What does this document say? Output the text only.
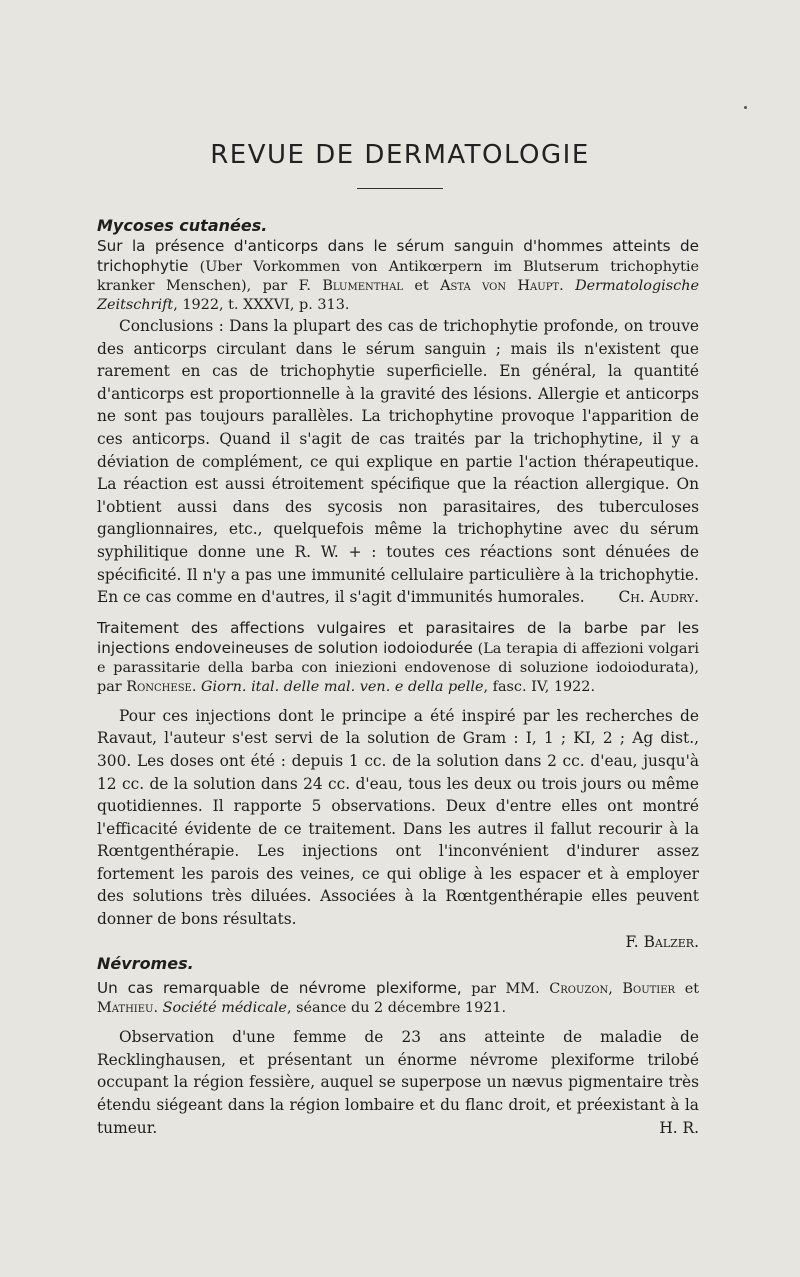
REVUE DE DERMATOLOGIE
Mycoses cutanées.

Sur la présence d'anticorps dans le sérum sanguin d'hommes atteints de trichophytie (Uber Vorkommen von Antikœrpern im Blutserum trichophytie kranker Menschen), par F. Blumenthal et Asta von Haupt. Dermatologische Zeitschrift, 1922, t. XXXVI, p. 313.

Conclusions : Dans la plupart des cas de trichophytie profonde, on trouve des anticorps circulant dans le sérum sanguin ; mais ils n'existent que rarement en cas de trichophytie superficielle. En général, la quantité d'anticorps est proportionnelle à la gravité des lésions. Allergie et anticorps ne sont pas toujours parallèles. La trichophytine provoque l'apparition de ces anticorps. Quand il s'agit de cas traités par la trichophytine, il y a déviation de complément, ce qui explique en partie l'action thérapeutique. La réaction est aussi étroitement spécifique que la réaction allergique. On l'obtient aussi dans des sycosis non parasitaires, des tuberculoses ganglionnaires, etc., quelquefois même la trichophytine avec du sérum syphilitique donne une R. W. + : toutes ces réactions sont dénuées de spécificité. Il n'y a pas une immunité cellulaire particulière à la trichophytie. En ce cas comme en d'autres, il s'agit d'immunités humorales.	Ch. Audry.

Traitement des affections vulgaires et parasitaires de la barbe par les injections endoveineuses de solution iodoiodurée (La terapia di affezioni volgari e parassitarie della barba con iniezioni endovenose di soluzione iodoiodurata), par Ronchese. Giorn. ital. delle mal. ven. e della pelle, fasc. IV, 1922.

Pour ces injections dont le principe a été inspiré par les recherches de Ravaut, l'auteur s'est servi de la solution de Gram : I, 1 ; KI, 2 ; Ag dist., 300. Les doses ont été : depuis 1 cc. de la solution dans 2 cc. d'eau, jusqu'à 12 cc. de la solution dans 24 cc. d'eau, tous les deux ou trois jours ou même quotidiennes. Il rapporte 5 observations. Deux d'entre elles ont montré l'efficacité évidente de ce traitement. Dans les autres il fallut recourir à la Rœntgenthérapie. Les injections ont l'inconvénient d'indurer assez fortement les parois des veines, ce qui oblige à les espacer et à employer des solutions très diluées. Associées à la Rœntgenthérapie elles peuvent donner de bons résultats.

F. Balzer.
Névromes.

Un cas remarquable de névrome plexiforme, par MM. Crouzon, Boutier et Mathieu. Société médicale, séance du 2 décembre 1921.

Observation d'une femme de 23 ans atteinte de maladie de Recklinghausen, et présentant un énorme névrome plexiforme trilobé occupant la région fessière, auquel se superpose un nævus pigmentaire très étendu siégeant dans la région lombaire et du flanc droit, et préexistant à la tumeur.	H. R.
